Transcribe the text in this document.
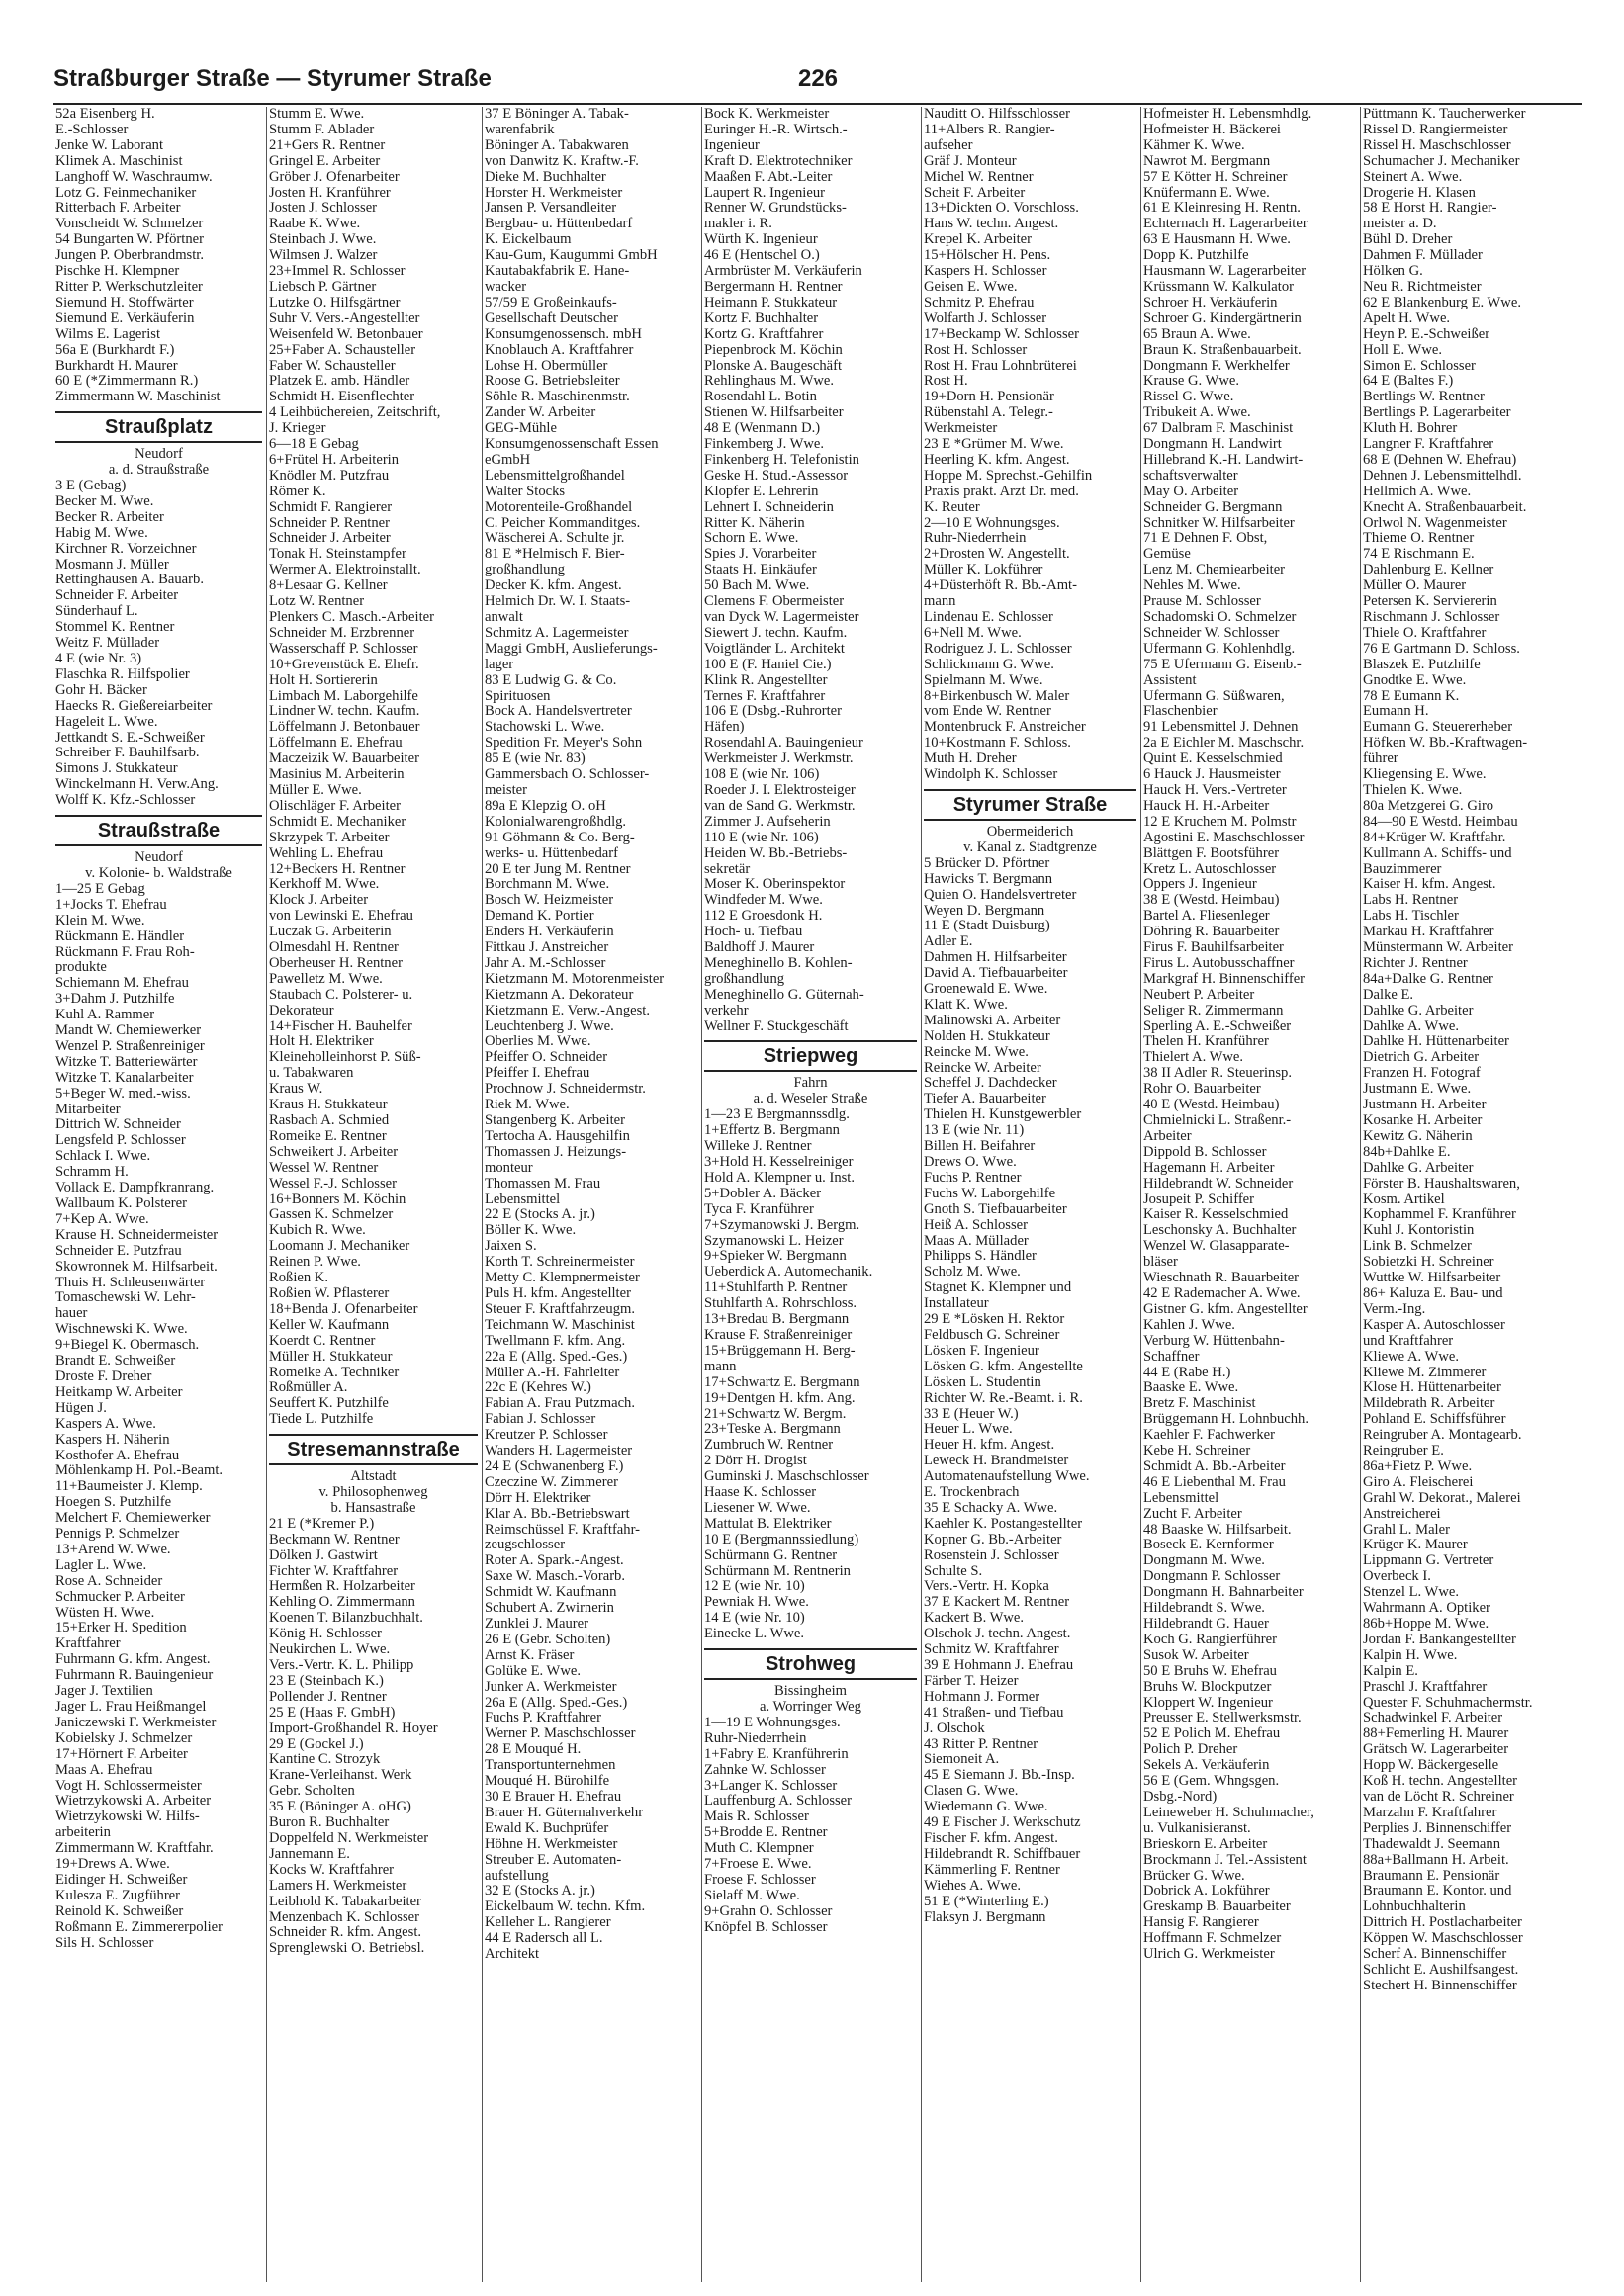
Straßburger Straße — Styrumer Straße	226
52a Eisenberg H.
E.-Schlosser
Jenke W. Laborant
Klimek A. Maschinist
Langhoff W. Waschraumw.
Lotz G. Feinmechaniker
Ritterbach F. Arbeiter
Vonscheidt W. Schmelzer
54 Bungarten W. Pförtner
Jungen P. Oberbrandmstr.
Pischke H. Klempner
Ritter P. Werkschutzleiter
Siemund H. Stoffwärter
Siemund E. Verkäuferin
Wilms E. Lagerist
56a E (Burkhardt F.)
Burkhardt H. Maurer
60 E (*Zimmermann R.)
Zimmermann W. Maschinist
Straußplatz
Neudorf
a. d. Straußstraße
3 E (Gebag)
Becker M. Wwe.
Becker R. Arbeiter
Habig M. Wwe.
Kirchner R. Vorzeichner
Mosmann J. Müller
Rettinghausen A. Bauarb.
Schneider F. Arbeiter
Sünderhauf L.
Stommel K. Rentner
Weitz F. Müllader
4 E (wie Nr. 3)
Flaschka R. Hilfspolier
Gohr H. Bäcker
Haecks R. Gießereiarbeiter
Hageleit L. Wwe.
Jettkandt S. E.-Schweißer
Schreiber F. Bauhilfsarb.
Simons J. Stukkateur
Winckelmann H. Verw.Ang.
Wolff K. Kfz.-Schlosser
Straußstraße
Neudorf
v. Kolonie- b. Waldstraße
1—25 E Gebag
1+Jocks T. Ehefrau
Klein M. Wwe.
Rückmann E. Händler
Rückmann F. Frau Roh-
produkte
Schiemann M. Ehefrau
3+Dahm J. Putzhilfe
Kuhl A. Rammer
Mandt W. Chemiewerker
Wenzel P. Straßenreiniger
Witzke T. Batteriewärter
Witzke T. Kanalarbeiter
5+Beger W. med.-wiss.
Mitarbeiter
Dittrich W. Schneider
Lengsfeld P. Schlosser
Schlack I. Wwe.
Schramm H.
Vollack E. Dampfkranrang.
Wallbaum K. Polsterer
7+Kep A. Wwe.
Krause H. Schneidermeister
Schneider E. Putzfrau
Skowronnek M. Hilfsarbeit.
Thuis H. Schleusenwärter
Tomaschewski W. Lehr-
hauer
Wischnewski K. Wwe.
9+Biegel K. Obermasch.
Brandt E. Schweißer
Droste F. Dreher
Heitkamp W. Arbeiter
Hügen J.
Kaspers A. Wwe.
Kaspers H. Näherin
Kosthofer A. Ehefrau
Möhlenkamp H. Pol.-Beamt.
11+Baumeister J. Klemp.
Hoegen S. Putzhilfe
Melchert F. Chemiewerker
Pennigs P. Schmelzer
13+Arend W. Wwe.
Lagler L. Wwe.
Rose A. Schneider
Schmucker P. Arbeiter
Wüsten H. Wwe.
15+Erker H. Spedition
Kraftfahrer
Fuhrmann G. kfm. Angest.
Fuhrmann R. Bauingenieur
Jager J. Textilien
Jager L. Frau Heißmangel
Janiczewski F. Werkmeister
Kobielsky J. Schmelzer
17+Hörnert F. Arbeiter
Maas A. Ehefrau
Vogt H. Schlossermeister
Wietrzykowski A. Arbeiter
Wietrzykowski W. Hilfs-
arbeiterin
Zimmermann W. Kraftfahr.
19+Drews A. Wwe.
Eidinger H. Schweißer
Kulesza E. Zugführer
Reinold K. Schweißer
Roßmann E. Zimmererpolier
Sils H. Schlosser
Stumm E. Wwe.
Stumm F. Ablader
21+Gers R. Rentner
Gringel E. Arbeiter
Gröber J. Ofenarbeiter
Josten H. Kranführer
Josten J. Schlosser
Raabe K. Wwe.
Steinbach J. Wwe.
Wilmsen J. Walzer
23+Immel R. Schlosser
Liebsch P. Gärtner
Lutzke O. Hilfsgärtner
Suhr V. Vers.-Angestellter
Weisenfeld W. Betonbauer
25+Faber A. Schausteller
Faber W. Schausteller
Platzek E. amb. Händler
Schmidt H. Eisenflechter
4 Leihbüchereien, Zeitschrift,
J. Krieger
6—18 E Gebag
6+Frütel H. Arbeiterin
Knödler M. Putzfrau
Römer K.
Schmidt F. Rangierer
Schneider P. Rentner
Schneider J. Arbeiter
Tonak H. Steinstampfer
Wermer A. Elektroinstallt.
8+Lesaar G. Kellner
Lotz W. Rentner
Plenkers C. Masch.-Arbeiter
Schneider M. Erzbrenner
Wasserschaff P. Schlosser
10+Grevenstück E. Ehefr.
Holt H. Sortiererin
Limbach M. Laborgehilfe
Lindner W. techn. Kaufm.
Löffelmann J. Betonbauer
Löffelmann E. Ehefrau
Maczeizik W. Bauarbeiter
Masinius M. Arbeiterin
Müller E. Wwe.
Olischläger F. Arbeiter
Schmidt E. Mechaniker
Skrzypek T. Arbeiter
Wehling L. Ehefrau
12+Beckers H. Rentner
Kerkhoff M. Wwe.
Klock J. Arbeiter
von Lewinski E. Ehefrau
Luczak G. Arbeiterin
Olmesdahl H. Rentner
Oberheuser H. Rentner
Pawelletz M. Wwe.
Staubach C. Polsterer- u.
Dekorateur
14+Fischer H. Bauhelfer
Holt H. Elektriker
Kleineholleinhorst P. Süß-
u. Tabakwaren
Kraus W.
Kraus H. Stukkateur
Rasbach A. Schmied
Romeike E. Rentner
Schweikert J. Arbeiter
Wessel W. Rentner
Wessel F.-J. Schlosser
16+Bonners M. Köchin
Gassen K. Schmelzer
Kubich R. Wwe.
Loomann J. Mechaniker
Reinen P. Wwe.
Roßien K.
Roßien W. Pflasterer
18+Benda J. Ofenarbeiter
Keller W. Kaufmann
Koerdt C. Rentner
Müller H. Stukkateur
Romeike A. Techniker
Roßmüller A.
Seuffert K. Putzhilfe
Tiede L. Putzhilfe
Stresemannstraße
Altstadt
v. Philosophenweg
b. Hansastraße
21 E (*Kremer P.)
Beckmann W. Rentner
Dölken J. Gastwirt
Fichter W. Kraftfahrer
Hermßen R. Holzarbeiter
Kehling O. Zimmermann
Koenen T. Bilanzbuchhalt.
König H. Schlosser
Neukirchen L. Wwe.
Vers.-Vertr. K. L. Philipp
23 E (Steinbach K.)
Pollender J. Rentner
25 E (Haas F. GmbH)
Import-Großhandel R. Hoyer
29 E (Gockel J.)
Kantine C. Strozyk
Krane-Verleihanst. Werk
Gebr. Scholten
35 E (Böninger A. oHG)
Buron R. Buchhalter
Doppelfeld N. Werkmeister
Jannemann E.
Kocks W. Kraftfahrer
Lamers H. Werkmeister
Leibhold K. Tabakarbeiter
Menzenbach K. Schlosser
Schneider R. kfm. Angest.
Sprenglewski O. Betriebsl.
37 E Böninger A. Tabak-
warenfabrik
Böninger A. Tabakwaren
von Danwitz K. Kraftw.-F.
Dieke M. Buchhalter
Horster H. Werkmeister
Jansen P. Versandleiter
Bergbau- u. Hüttenbedarf
K. Eickelbaum
Kau-Gum, Kaugummi GmbH
Kautabakfabrik E. Hane-
wacker
57/59 E Großeinkaufs-
Gesellschaft Deutscher
Konsumgenossensch. mbH
Knoblauch A. Kraftfahrer
Lohse H. Obermüller
Roose G. Betriebsleiter
Söhle R. Maschinenmstr.
Zander W. Arbeiter
GEG-Mühle
Konsumgenossenschaft Essen
eGmbH
Lebensmittelgroßhandel
Walter Stocks
Motorenteile-Großhandel
C. Peicher Kommanditges.
Wäscherei A. Schulte jr.
81 E *Helmisch F. Bier-
großhandlung
Decker K. kfm. Angest.
Helmich Dr. W. I. Staats-
anwalt
Schmitz A. Lagermeister
Maggi GmbH, Auslieferungs-
lager
83 E Ludwig G. & Co.
Spirituosen
Bock A. Handelsvertreter
Stachowski L. Wwe.
Spedition Fr. Meyer's Sohn
85 E (wie Nr. 83)
Gammersbach O. Schlosser-
meister
89a E Klepzig O. oH
Kolonialwarengroßhdlg.
91 Göhmann & Co. Berg-
werks- u. Hüttenbedarf
20 E ter Jung M. Rentner
Borchmann M. Wwe.
Bosch W. Heizmeister
Demand K. Portier
Enders H. Verkäuferin
Fittkau J. Anstreicher
Jahr A. M.-Schlosser
Kietzmann M. Motorenmeister
Kietzmann A. Dekorateur
Kietzmann E. Verw.-Angest.
Leuchtenberg J. Wwe.
Oberlies M. Wwe.
Pfeiffer O. Schneider
Pfeiffer I. Ehefrau
Prochnow J. Schneidermstr.
Riek M. Wwe.
Stangenberg K. Arbeiter
Tertocha A. Hausgehilfin
Thomassen J. Heizungs-
monteur
Thomassen M. Frau
Lebensmittel
22 E (Stocks A. jr.)
Böller K. Wwe.
Jaixen S.
Korth T. Schreinermeister
Metty C. Klempnermeister
Puls H. kfm. Angestellter
Steuer F. Kraftfahrzeugm.
Teichmann W. Maschinist
Twellmann F. kfm. Ang.
22a E (Allg. Sped.-Ges.)
Müller A.-H. Fahrleiter
22c E (Kehres W.)
Fabian A. Frau Putzmach.
Fabian J. Schlosser
Kreutzer P. Schlosser
Wanders H. Lagermeister
24 E (Schwanenberg F.)
Czeczine W. Zimmerer
Dörr H. Elektriker
Klar A. Bb.-Betriebswart
Reimschüssel F. Kraftfahr-
zeugschlosser
Roter A. Spark.-Angest.
Saxe W. Masch.-Vorarb.
Schmidt W. Kaufmann
Schubert A. Zwirnerin
Zunklei J. Maurer
26 E (Gebr. Scholten)
Arnst K. Fräser
Golüke E. Wwe.
Junker A. Werkmeister
26a E (Allg. Sped.-Ges.)
Fuchs P. Kraftfahrer
Werner P. Maschschlosser
28 E Mouqué H.
Transportunternehmen
Mouqué H. Bürohilfe
30 E Brauer H. Ehefrau
Brauer H. Güternahverkehr
Ewald K. Buchprüfer
Höhne H. Werkmeister
Streuber E. Automaten-
aufstellung
32 E (Stocks A. jr.)
Eickelbaum W. techn. Kfm.
Kelleher L. Rangierer
44 E Radersch all L.
Architekt
Bock K. Werkmeister
Euringer H.-R. Wirtsch.-
Ingenieur
Kraft D. Elektrotechniker
Maaßen F. Abt.-Leiter
Laupert R. Ingenieur
Renner W. Grundstücks-
makler i. R.
Würth K. Ingenieur
46 E (Hentschel O.)
Armbrüster M. Verkäuferin
Bergermann H. Rentner
Heimann P. Stukkateur
Kortz F. Buchhalter
Kortz G. Kraftfahrer
Piepenbrock M. Köchin
Plonske A. Baugeschäft
Rehlinghaus M. Wwe.
Rosendahl L. Botin
Stienen W. Hilfsarbeiter
48 E (Wenmann D.)
Finkemberg J. Wwe.
Finkenberg H. Telefonistin
Geske H. Stud.-Assessor
Klopfer E. Lehrerin
Lehnert I. Schneiderin
Ritter K. Näherin
Schorn E. Wwe.
Spies J. Vorarbeiter
Staats H. Einkäufer
50 Bach M. Wwe.
Clemens F. Obermeister
van Dyck W. Lagermeister
Siewert J. techn. Kaufm.
Voigtländer L. Architekt
100 E (F. Haniel Cie.)
Klink R. Angestellter
Ternes F. Kraftfahrer
106 E (Dsbg.-Ruhrorter
Häfen)
Rosendahl A. Bauingenieur
Werkmeister J. Werkmstr.
108 E (wie Nr. 106)
Roeder J. I. Elektrosteiger
van de Sand G. Werkmstr.
Zimmer J. Aufseherin
110 E (wie Nr. 106)
Heiden W. Bb.-Betriebs-
sekretär
Moser K. Oberinspektor
Windfeder M. Wwe.
112 E Groesdonk H.
Hoch- u. Tiefbau
Baldhoff J. Maurer
Meneghinello B. Kohlen-
großhandlung
Meneghinello G. Güternah-
verkehr
Wellner F. Stuckgeschäft
Striepweg
Fahrn
a. d. Weseler Straße
1—23 E Bergmannssdlg.
1+Effertz B. Bergmann
Willeke J. Rentner
3+Hold H. Kesselreiniger
Hold A. Klempner u. Inst.
5+Dobler A. Bäcker
Tyca F. Kranführer
7+Szymanowski J. Bergm.
Szymanowski L. Heizer
9+Spieker W. Bergmann
Ueberdick A. Automechanik.
11+Stuhlfarth P. Rentner
Stuhlfarth A. Rohrschloss.
13+Bredau B. Bergmann
Krause F. Straßenreiniger
15+Brüggemann H. Berg-
mann
17+Schwartz E. Bergmann
19+Dentgen H. kfm. Ang.
21+Schwartz W. Bergm.
23+Teske A. Bergmann
Zumbruch W. Rentner
2 Dörr H. Drogist
Guminski J. Maschschlosser
Haase K. Schlosser
Liesener W. Wwe.
Mattulat B. Elektriker
10 E (Bergmannssiedlung)
Schürmann G. Rentner
Schürmann M. Rentnerin
12 E (wie Nr. 10)
Pewniak H. Wwe.
14 E (wie Nr. 10)
Einecke L. Wwe.
Strohweg
Bissingheim
a. Worringer Weg
1—19 E Wohnungsges.
Ruhr-Niederrhein
1+Fabry E. Kranführerin
Zahnke W. Schlosser
3+Langer K. Schlosser
Lauffenburg A. Schlosser
Mais R. Schlosser
5+Brodde E. Rentner
Muth C. Klempner
7+Froese E. Wwe.
Froese F. Schlosser
Sielaff M. Wwe.
9+Grahn O. Schlosser
Knöpfel B. Schlosser
Nauditt O. Hilfsschlosser
11+Albers R. Rangier-
aufseher
Gräf J. Monteur
Michel W. Rentner
Scheit F. Arbeiter
13+Dickten O. Vorschloss.
Hans W. techn. Angest.
Krepel K. Arbeiter
15+Hölscher H. Pens.
Kaspers H. Schlosser
Geisen E. Wwe.
Schmitz P. Ehefrau
Wolfarth J. Schlosser
17+Beckamp W. Schlosser
Rost H. Schlosser
Rost H. Frau Lohnbrüterei
Rost H.
19+Dorn H. Pensionär
Rübenstahl A. Telegr.-
Werkmeister
23 E *Grümer M. Wwe.
Heerling K. kfm. Angest.
Hoppe M. Sprechst.-Gehilfin
Praxis prakt. Arzt Dr. med.
K. Reuter
2—10 E Wohnungsges.
Ruhr-Niederrhein
2+Drosten W. Angestellt.
Müller K. Lokführer
4+Düsterhöft R. Bb.-Amt-
mann
Lindenau E. Schlosser
6+Nell M. Wwe.
Rodriguez J. L. Schlosser
Schlickmann G. Wwe.
Spielmann M. Wwe.
8+Birkenbusch W. Maler
vom Ende W. Rentner
Montenbruck F. Anstreicher
10+Kostmann F. Schloss.
Muth H. Dreher
Windolph K. Schlosser
Styrumer Straße
Obermeiderich
v. Kanal z. Stadtgrenze
5 Brücker D. Pförtner
Hawicks T. Bergmann
Quien O. Handelsvertreter
Weyen D. Bergmann
11 E (Stadt Duisburg)
Adler E.
Dahmen H. Hilfsarbeiter
David A. Tiefbauarbeiter
Groenewald E. Wwe.
Klatt K. Wwe.
Malinowski A. Arbeiter
Nolden H. Stukkateur
Reincke M. Wwe.
Reincke W. Arbeiter
Scheffel J. Dachdecker
Tiefer A. Bauarbeiter
Thielen H. Kunstgewerbler
13 E (wie Nr. 11)
Billen H. Beifahrer
Drews O. Wwe.
Fuchs P. Rentner
Fuchs W. Laborgehilfe
Gnoth S. Tiefbauarbeiter
Heiß A. Schlosser
Maas A. Müllader
Philipps S. Händler
Scholz M. Wwe.
Stagnet K. Klempner und
Installateur
29 E *Lösken H. Rektor
Feldbusch G. Schreiner
Lösken F. Ingenieur
Lösken G. kfm. Angestellte
Lösken L. Studentin
Richter W. Re.-Beamt. i. R.
33 E (Heuer W.)
Heuer L. Wwe.
Heuer H. kfm. Angest.
Leweck H. Brandmeister
Automatenaufstellung Wwe.
E. Trockenbrach
35 E Schacky A. Wwe.
Kaehler K. Postangestellter
Kopner G. Bb.-Arbeiter
Rosenstein J. Schlosser
Schulte S.
Vers.-Vertr. H. Kopka
37 E Kackert M. Rentner
Kackert B. Wwe.
Olschok J. techn. Angest.
Schmitz W. Kraftfahrer
39 E Hohmann J. Ehefrau
Färber T. Heizer
Hohmann J. Former
41 Straßen- und Tiefbau
J. Olschok
43 Ritter P. Rentner
Siemoneit A.
45 E Siemann J. Bb.-Insp.
Clasen G. Wwe.
Wiedemann G. Wwe.
49 E Fischer J. Werkschutz
Fischer F. kfm. Angest.
Hildebrandt R. Schiffbauer
Kämmerling F. Rentner
Wiehes A. Wwe.
51 E (*Winterling E.)
Flaksyn J. Bergmann
Hofmeister H. Lebensmhdlg.
Hofmeister H. Bäckerei
Kähmer K. Wwe.
Nawrot M. Bergmann
57 E Kötter H. Schreiner
Knüfermann E. Wwe.
61 E Kleinresing H. Rentn.
Echternach H. Lagerarbeiter
63 E Hausmann H. Wwe.
Dopp K. Putzhilfe
Hausmann W. Lagerarbeiter
Krüssmann W. Kalkulator
Schroer H. Verkäuferin
Schroer G. Kindergärtnerin
65 Braun A. Wwe.
Braun K. Straßenbauarbeit.
Dongmann F. Werkhelfer
Krause G. Wwe.
Rissel G. Wwe.
Tribukeit A. Wwe.
67 Dalbram F. Maschinist
Dongmann H. Landwirt
Hillebrand K.-H. Landwirt-
schaftsverwalter
May O. Arbeiter
Schneider G. Bergmann
Schnitker W. Hilfsarbeiter
71 E Dehnen F. Obst,
Gemüse
Lenz M. Chemiearbeiter
Nehles M. Wwe.
Prause M. Schlosser
Schadomski O. Schmelzer
Schneider W. Schlosser
Ufermann G. Kohlenhdlg.
75 E Ufermann G. Eisenb.-
Assistent
Ufermann G. Süßwaren,
Flaschenbier
91 Lebensmittel J. Dehnen
2a E Eichler M. Maschschr.
Quint E. Kesselschmied
6 Hauck J. Hausmeister
Hauck H. Vers.-Vertreter
Hauck H. H.-Arbeiter
12 E Kruchem M. Polmstr
Agostini E. Maschschlosser
Blättgen F. Bootsführer
Kretz L. Autoschlosser
Oppers J. Ingenieur
38 E (Westd. Heimbau)
Bartel A. Fliesenleger
Döhring R. Bauarbeiter
Firus F. Bauhilfsarbeiter
Firus L. Autobusschaffner
Markgraf H. Binnenschiffer
Neubert P. Arbeiter
Seliger R. Zimmermann
Sperling A. E.-Schweißer
Thelen H. Kranführer
Thielert A. Wwe.
38 II Adler R. Steuerinsp.
Rohr O. Bauarbeiter
40 E (Westd. Heimbau)
Chmielnicki L. Straßenr.-
Arbeiter
Dippold B. Schlosser
Hagemann H. Arbeiter
Hildebrandt W. Schneider
Josupeit P. Schiffer
Kaiser R. Kesselschmied
Leschonsky A. Buchhalter
Wenzel W. Glasapparate-
bläser
Wieschnath R. Bauarbeiter
42 E Rademacher A. Wwe.
Gistner G. kfm. Angestellter
Kahlen J. Wwe.
Verburg W. Hüttenbahn-
Schaffner
44 E (Rabe H.)
Baaske E. Wwe.
Bretz F. Maschinist
Brüggemann H. Lohnbuchh.
Kaehler F. Fachwerker
Kebe H. Schreiner
Schmidt A. Bb.-Arbeiter
46 E Liebenthal M. Frau
Lebensmittel
Zucht F. Arbeiter
48 Baaske W. Hilfsarbeit.
Boseck E. Kernformer
Dongmann M. Wwe.
Dongmann P. Schlosser
Dongmann H. Bahnarbeiter
Hildebrandt S. Wwe.
Hildebrandt G. Hauer
Koch G. Rangierführer
Susok W. Arbeiter
50 E Bruhs W. Ehefrau
Bruhs W. Blockputzer
Kloppert W. Ingenieur
Preusser E. Stellwerksmstr.
52 E Polich M. Ehefrau
Polich P. Dreher
Sekels A. Verkäuferin
56 E (Gem. Whngsgen.
Dsbg.-Nord)
Leineweber H. Schuhmacher,
u. Vulkanisieranst.
Brieskorn E. Arbeiter
Brockmann J. Tel.-Assistent
Brücker G. Wwe.
Dobrick A. Lokführer
Greskamp B. Bauarbeiter
Hansig F. Rangierer
Hoffmann F. Schmelzer
Ulrich G. Werkmeister
Püttmann K. Taucherwerker
Rissel D. Rangiermeister
Rissel H. Maschschlosser
Schumacher J. Mechaniker
Steinert A. Wwe.
Drogerie H. Klasen
58 E Horst H. Rangier-
meister a. D.
Bühl D. Dreher
Dahmen F. Müllader
Hölken G.
Neu R. Richtmeister
62 E Blankenburg E. Wwe.
Apelt H. Wwe.
Heyn P. E.-Schweißer
Holl E. Wwe.
Simon E. Schlosser
64 E (Baltes F.)
Bertlings W. Rentner
Bertlings P. Lagerarbeiter
Kluth H. Bohrer
Langner F. Kraftfahrer
68 E (Dehnen W. Ehefrau)
Dehnen J. Lebensmittelhdl.
Hellmich A. Wwe.
Knecht A. Straßenbauarbeit.
Orlwol N. Wagenmeister
Thieme O. Rentner
74 E Rischmann E.
Dahlenburg E. Kellner
Müller O. Maurer
Petersen K. Serviererin
Rischmann J. Schlosser
Thiele O. Kraftfahrer
76 E Gartmann D. Schloss.
Blaszek E. Putzhilfe
Gnodtke E. Wwe.
78 E Eumann K.
Eumann H.
Eumann G. Steuererheber
Höfken W. Bb.-Kraftwagen-
führer
Kliegensing E. Wwe.
Thielen K. Wwe.
80a Metzgerei G. Giro
84—90 E Westd. Heimbau
84+Krüger W. Kraftfahr.
Kullmann A. Schiffs- und
Bauzimmerer
Kaiser H. kfm. Angest.
Labs H. Rentner
Labs H. Tischler
Markau H. Kraftfahrer
Münstermann W. Arbeiter
Richter J. Rentner
84a+Dalke G. Rentner
Dalke E.
Dahlke G. Arbeiter
Dahlke A. Wwe.
Dahlke H. Hüttenarbeiter
Dietrich G. Arbeiter
Franzen H. Fotograf
Justmann E. Wwe.
Justmann H. Arbeiter
Kosanke H. Arbeiter
Kewitz G. Näherin
84b+Dahlke E.
Dahlke G. Arbeiter
Förster B. Haushaltswaren,
Kosm. Artikel
Kophammel F. Kranführer
Kuhl J. Kontoristin
Link B. Schmelzer
Sobietzki H. Schreiner
Wuttke W. Hilfsarbeiter
86+ Kaluza E. Bau- und
Verm.-Ing.
Kasper A. Autoschlosser
und Kraftfahrer
Kliewe A. Wwe.
Kliewe M. Zimmerer
Klose H. Hüttenarbeiter
Mildebrath R. Arbeiter
Pohland E. Schiffsführer
Reingruber A. Montagearb.
Reingruber E.
86a+Fietz P. Wwe.
Giro A. Fleischerei
Grahl W. Dekorat., Malerei
Anstreicherei
Grahl L. Maler
Krüger K. Maurer
Lippmann G. Vertreter
Overbeck I.
Stenzel L. Wwe.
Wahrmann A. Optiker
86b+Hoppe M. Wwe.
Jordan F. Bankangestellter
Kalpin H. Wwe.
Kalpin E.
Praschl J. Kraftfahrer
Quester F. Schuhmachermstr.
Schadwinkel F. Arbeiter
88+Femerling H. Maurer
Grätsch W. Lagerarbeiter
Hopp W. Bäckergeselle
Koß H. techn. Angestellter
van de Löcht R. Schreiner
Marzahn F. Kraftfahrer
Perplies J. Binnenschiffer
Thadewaldt J. Seemann
88a+Ballmann H. Arbeit.
Braumann E. Pensionär
Braumann E. Kontor. und
Lohnbuchhalterin
Dittrich H. Postlacharbeiter
Köppen W. Maschschlosser
Scherf A. Binnenschiffer
Schlicht E. Aushilfsangest.
Stechert H. Binnenschiffer
